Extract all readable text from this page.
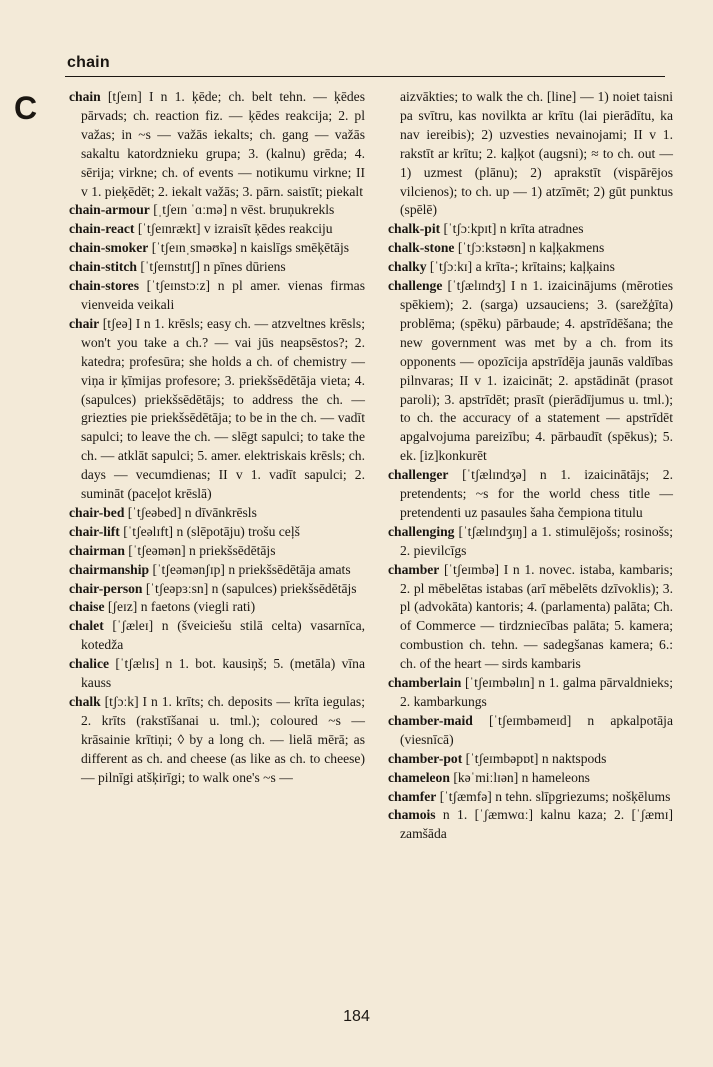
chain
C chain [tʃeɪn] I n 1. ķēde; ch. belt tehn. — ķēdes pārvads; ch. reaction fiz. — ķēdes reakcija; 2. pl važas; in ~s — važās iekalts; ch. gang — važās sakaltu katordznieku grupa; 3. (kalnu) grēda; 4. sērija; virkne; ch. of events — notikumu virkne; II v 1. pieķēdēt; 2. iekalt važās; 3. pārn. saistīt; piekalt

chain-armour [ˌtʃeɪn ˈɑːmə] n vēst. bruņukrekls

chain-react [ˈtʃeɪnrækt] v izraisīt ķēdes reakciju

chain-smoker [ˈtʃeɪnˌsməʊkə] n kaislīgs smēķētājs

chain-stitch [ˈtʃeɪnstɪtʃ] n pīnes dūriens

chain-stores [ˈtʃeɪnstɔːz] n pl amer. vienas firmas vienveida veikali

chair [tʃeə] I n 1. krēsls; easy ch. — atzveltnes krēsls; won't you take a ch.? — vai jūs neapsēstos?; 2. katedra; profesūra; she holds a ch. of chemistry — viņa ir ķīmijas profesore; 3. priekšsēdētāja vieta; 4. (sapulces) priekšsēdētājs; to address the ch. — griezties pie priekšsēdētāja; to be in the ch. — vadīt sapulci; to leave the ch. — slēgt sapulci; to take the ch. — atklāt sapulci; 5. amer. elektriskais krēsls; ch. days — vecumdienas; II v 1. vadīt sapulci; 2. sumināt (paceļot krēslā)

chair-bed [ˈtʃeəbed] n dīvānkrēsls

chair-lift [ˈtʃeəlɪft] n (slēpotāju) trošu ceļš

chairman [ˈtʃeəmən] n priekšsēdētājs

chairmanship [ˈtʃeəmənʃɪp] n priekšsēdētāja amats

chair-person [ˈtʃeəpɜːsn] n (sapulces) priekšsēdētājs

chaise [ʃeɪz] n faetons (viegli rati)

chalet [ˈʃæleɪ] n (šveiciešu stilā celta) vasarnīca, kotedža

chalice [ˈtʃælɪs] n 1. bot. kausiņš; 5. (metāla) vīna kauss

chalk [tʃɔːk] I n 1. krīts; ch. deposits — krīta iegulas; 2. krīts (rakstīšanai u. tml.); coloured ~s — krāsainie krītiņi; ◊ by a long ch. — lielā mērā; as different as ch. and cheese (as like as ch. to cheese) — pilnīgi atšķirīgi; to walk one's ~s —

aizvākties; to walk the ch. [line] — 1) noiet taisni pa svītru, kas novilkta ar krītu (lai pierādītu, ka nav iereibis); 2) uzvesties nevainojami; II v 1. rakstīt ar krītu; 2. kaļķot (augsni); ≈ to ch. out — 1) uzmest (plānu); 2) aprakstīt (vispārējos vilcienos); to ch. up — 1) atzīmēt; 2) gūt punktus (spēlē)

chalk-pit [ˈtʃɔːkpɪt] n krīta atradnes

chalk-stone [ˈtʃɔːkstəʊn] n kaļķakmens

chalky [ˈtʃɔːkɪ] a krīta-; krītains; kaļķains

challenge [ˈtʃælɪndʒ] I n 1. izaicinājums (mēroties spēkiem); 2. (sarga) uzsauciens; 3. (sarežģīta) problēma; (spēku) pārbaude; 4. apstrīdēšana; the new government was met by a ch. from its opponents — opozīcija apstrīdēja jaunās valdības pilnvaras; II v 1. izaicināt; 2. apstādināt (prasot paroli); 3. apstrīdēt; prasīt (pierādījumus u. tml.); to ch. the accuracy of a statement — apstrīdēt apgalvojuma pareizību; 4. pārbaudīt (spēkus); 5. ek. [iz]konkurēt

challenger [ˈtʃælɪndʒə] n 1. izaicinātājs; 2. pretendents; ~s for the world chess title — pretendenti uz pasaules šaha čempiona titulu

challenging [ˈtʃælɪndʒɪŋ] a 1. stimulējošs; rosinošs; 2. pievilcīgs

chamber [ˈtʃeɪmbə] I n 1. novec. istaba, kambaris; 2. pl mēbelētas istabas (arī mēbelēts dzīvoklis); 3. pl (advokāta) kantoris; 4. (parlamenta) palāta; Ch. of Commerce — tirdzniecības palāta; 5. kamera; combustion ch. tehn. — sadegšanas kamera; 6.: ch. of the heart — sirds kambaris

chamberlain [ˈtʃeɪmbəlɪn] n 1. galma pārvaldnieks; 2. kambarkungs

chamber-maid [ˈtʃeɪmbəmeɪd] n apkalpotāja (viesnīcā)

chamber-pot [ˈtʃeɪmbəpɒt] n naktspods

chameleon [kəˈmiːlɪən] n hameleons

chamfer [ˈtʃæmfə] n tehn. slīpgriezums; nošķēlums

chamois n 1. [ˈʃæmwɑː] kalnu kaza; 2. [ˈʃæmɪ] zamšāda

184
